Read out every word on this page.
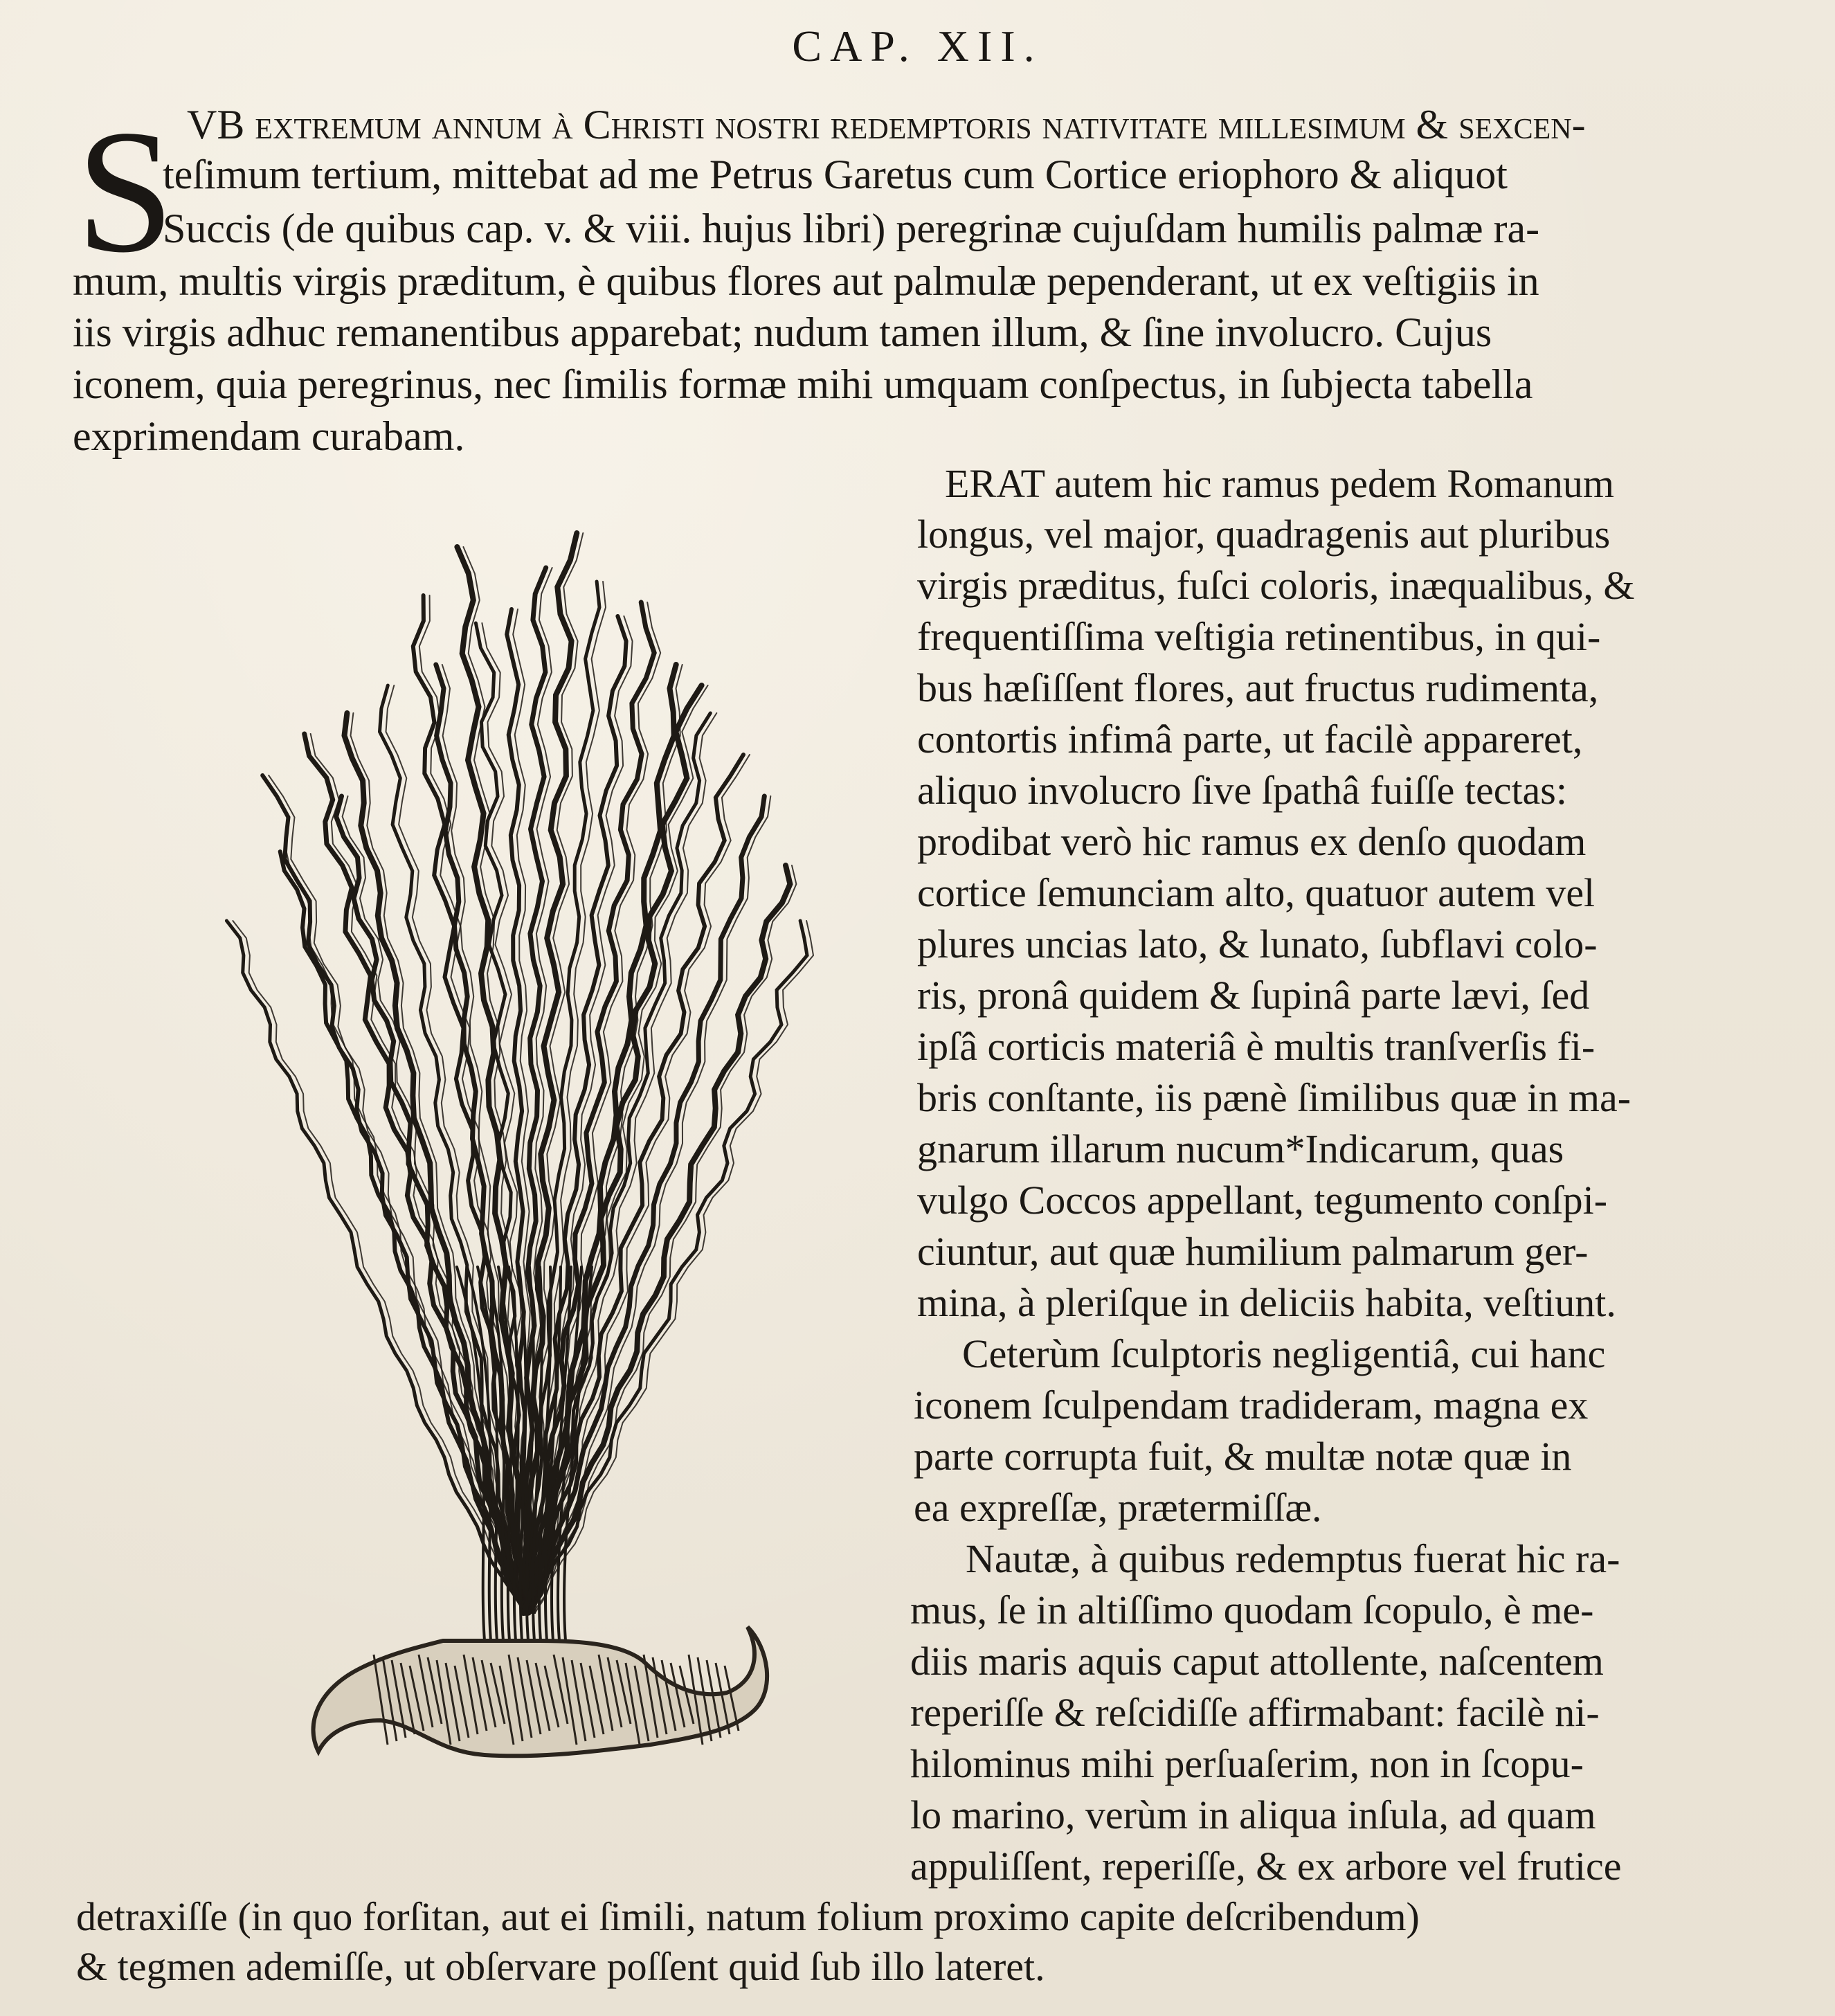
CAP. XII.
S VB extremum annum à Chriſti noſtri redemptoris nativitate milleſimum & ſexcen-
teſimum tertium, mittebat ad me Petrus Garetus cum Cortice eriophoro & aliquot
Succis (de quibus cap. v. & viii. hujus libri) peregrinæ cujuſdam humilis palmæ ra-
mum, multis virgis præditum, è quibus flores aut palmulæ pependerant, ut ex veſtigiis in
iis virgis adhuc remanentibus apparebat; nudum tamen illum, & ſine involucro. Cujus
iconem, quia peregrinus, nec ſimilis formæ mihi umquam conſpectus, in ſubjecta tabella
exprimendam curabam.
ERAT autem hic ramus pedem Romanum
longus, vel major, quadragenis aut pluribus
virgis præditus, fuſci coloris, inæqualibus, &
frequentiſſima veſtigia retinentibus, in qui-
bus hæſiſſent flores, aut fructus rudimenta,
contortis infimâ parte, ut facilè appareret,
aliquo involucro ſive ſpathâ fuiſſe tectas:
prodibat verò hic ramus ex denſo quodam
cortice ſemunciam alto, quatuor autem vel
plures uncias lato, & lunato, ſubflavi colo-
ris, pronâ quidem & ſupinâ parte lævi, ſed
ipſâ corticis materiâ è multis tranſverſis fi-
bris conſtante, iis pænè ſimilibus quæ in ma-
gnarum illarum nucum*Indicarum, quas
vulgo Coccos appellant, tegumento conſpi-
ciuntur, aut quæ humilium palmarum ger-
mina, à pleriſque in deliciis habita, veſtiunt.
Ceterùm ſculptoris negligentiâ, cui hanc
iconem ſculpendam tradideram, magna ex
parte corrupta fuit, & multæ notæ quæ in
ea expreſſæ, prætermiſſæ.
Nautæ, à quibus redemptus fuerat hic ra-
mus, ſe in altiſſimo quodam ſcopulo, è me-
diis maris aquis caput attollente, naſcentem
reperiſſe & reſcidiſſe affirmabant: facilè ni-
hilominus mihi perſuaſerim, non in ſcopu-
lo marino, verùm in aliqua inſula, ad quam
appuliſſent, reperiſſe, & ex arbore vel frutice
detraxiſſe (in quo forſitan, aut ei ſimili, natum folium proximo capite deſcribendum)
& tegmen ademiſſe, ut obſervare poſſent quid ſub illo lateret.
